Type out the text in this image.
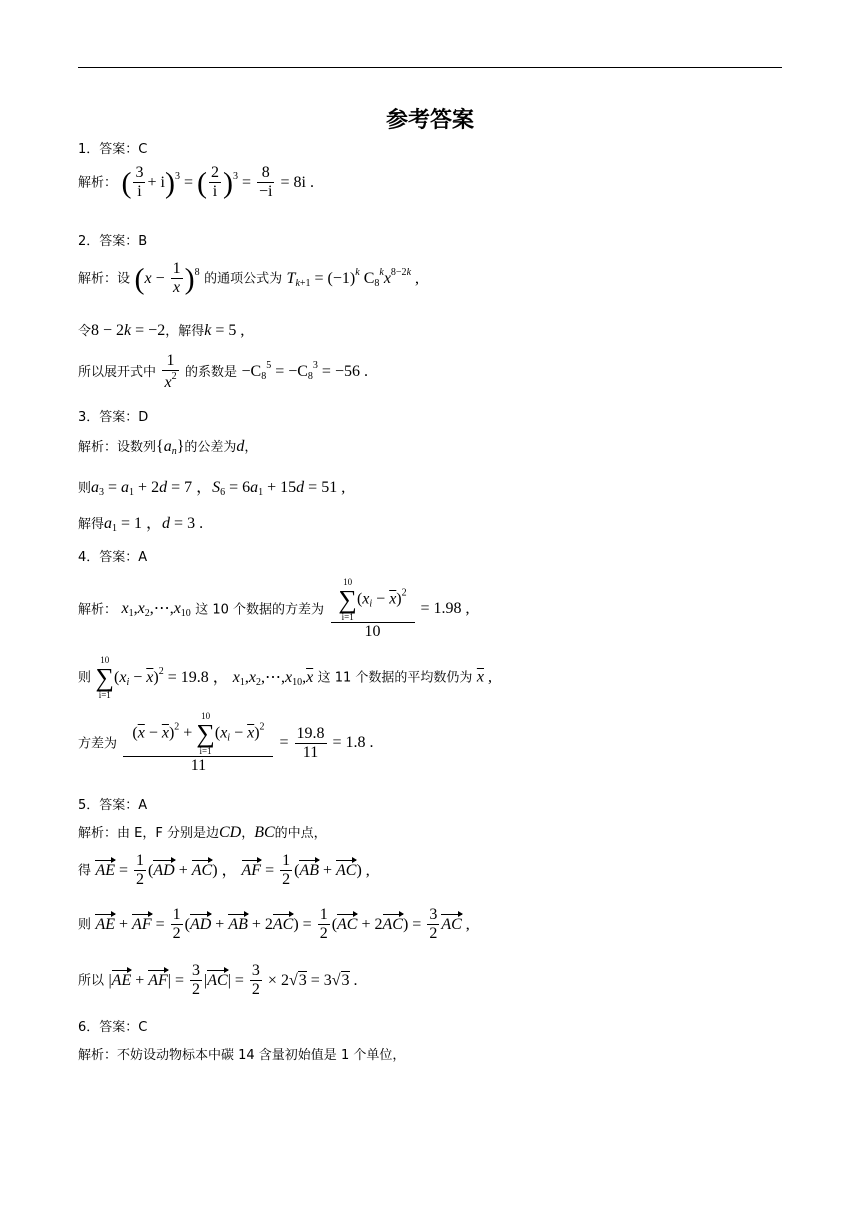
参考答案
1．答案：C
解析： ( $\frac{3}{i} + i)^3$ = ( $\frac{2}{i} )^3 = \frac{8}{-i} = 8i$ .
2．答案：B
解析：设 $(x - \frac{1}{x} )^8$ 的通项公式为 $T_{k+1} = (-1)^k$ $C_8^kx^{8-2k}$ ,
令8 − 2k = −2，解得k = 5 ,
所以展开式中 $\frac{1}{x^2}$ 的系数是 $-C_8^5 = -C_8^3 = -56$ .
3．答案：D
解析：设数列$\{a_n\}$的公差为d，
则$a_3 = a_1 + 2d = 7$ ，$S_6 = 6a_1 + 15d = 51$ ,
解得$a_1 = 1$ ，d = 3 .
4．答案：A
解析： $x_1,x_2,\cdots,x_{10}$ 这 10 个数据的方差为 10
∑
i=1
$(x_i - \overline{x})^2$
10 = 1.98 ,
则
10
∑
i=1
$(x_i - \overline{x})^2 = 19.8$ ， $x_1,x_2,\cdots,x_{10},\overline{x}$ 这 11 个数据的平均数仍为 $\overline{x}$ ,
方差为 $(\overline{x} - \overline{x})^2$ +
10
∑
i=1
$(x_i - \overline{x})^2$
$11 = \frac{19.8}{11} = 1.8$ .
5．答案：A
解析：由 E，F 分别是边CD，BC的中点，
得 AE = $\frac{1}{2} (AD + AC)$ ， AF = $\frac{1}{2} (AB + AC)$ ,
则 AE + AF = $\frac{1}{2} (AD$ + AB + $2AC) = \frac{1}{2} (AC + 2AC) = \frac{3}{2}$ AC ,
所以 $|AE + AF| = \frac{3}{2} |AC| = \frac{3}{2} \times 2√3 = 3√3$ .
6．答案：C
解析：不妨设动物标本中碳 14 含量初始值是 1 个单位，
